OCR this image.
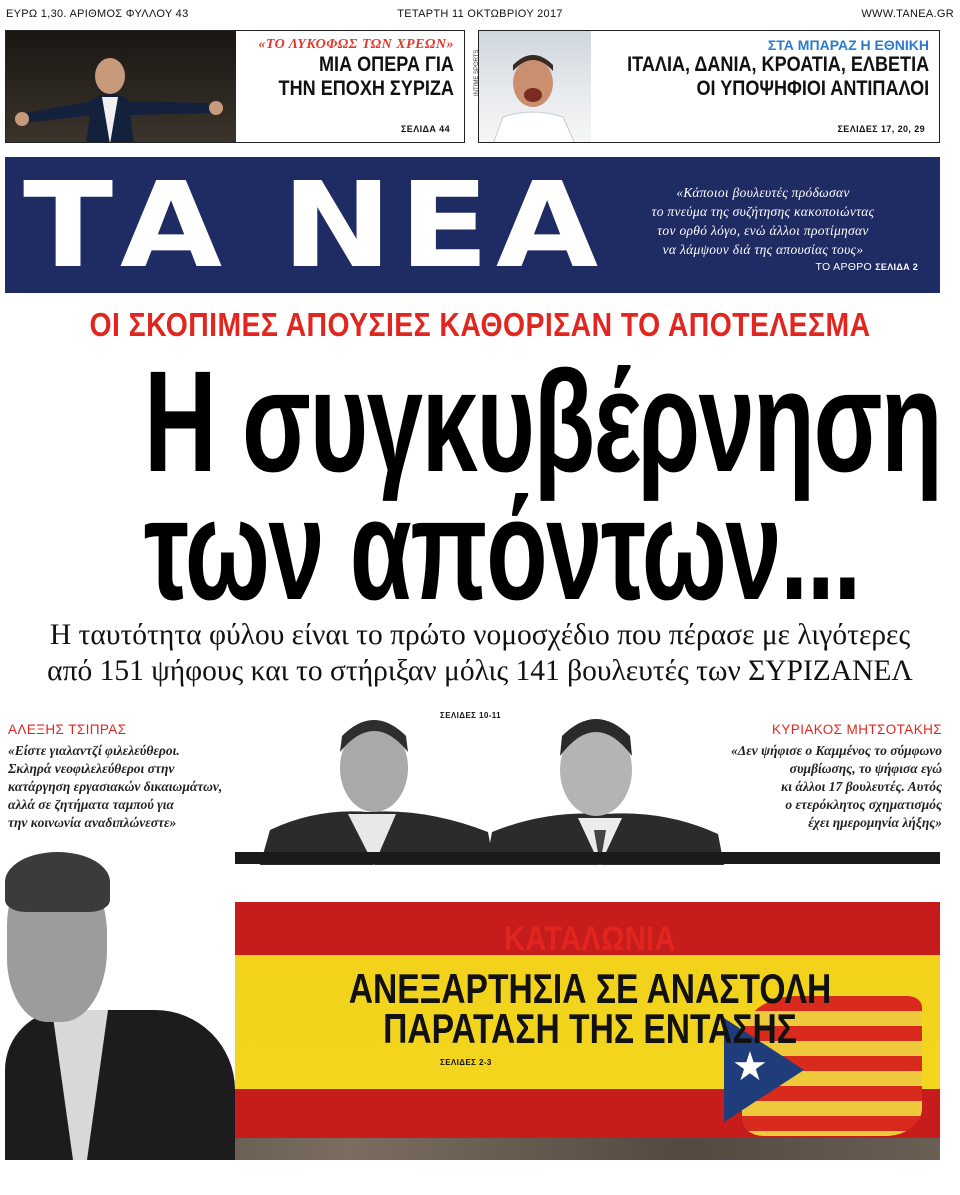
ΕΥΡΩ 1,30. ΑΡΙΘΜΟΣ ΦΥΛΛΟΥ 43	ΤΕΤΑΡΤΗ 11 ΟΚΤΩΒΡΙΟΥ 2017	WWW.TANEA.GR
«ΤΟ ΛΥΚΟΦΩΣ ΤΩΝ ΧΡΕΩΝ»
ΜΙΑ ΟΠΕΡΑ ΓΙΑ
ΤΗΝ ΕΠΟΧΗ ΣΥΡΙΖΑ
ΣΕΛΙΔΑ 44
ΣΤΑ ΜΠΑΡΑΖ Η ΕΘΝΙΚΗ
ΙΤΑΛΙΑ, ΔΑΝΙΑ, ΚΡΟΑΤΙΑ, ΕΛΒΕΤΙΑ
ΟΙ ΥΠΟΨΗΦΙΟΙ ΑΝΤΙΠΑΛΟΙ
ΣΕΛΙΔΕΣ 17, 20, 29
INTIME SPORTS
ΤΑ ΝΕΑ	«Κάποιοι βουλευτές πρόδωσαν
το πνεύμα της συζήτησης κακοποιώντας
τον ορθό λόγο, ενώ άλλοι προτίμησαν
να λάμψουν διά της απουσίας τους»
ΤΟ ΑΡΘΡΟ ΣΕΛΙΔΑ 2
ΟΙ ΣΚΟΠΙΜΕΣ ΑΠΟΥΣΙΕΣ ΚΑΘΟΡΙΣΑΝ ΤΟ ΑΠΟΤΕΛΕΣΜΑ
Η συγκυβέρνηση
των απόντων...
Η ταυτότητα φύλου είναι το πρώτο νομοσχέδιο που πέρασε με λιγότερες
από 151 ψήφους και το στήριξαν μόλις 141 βουλευτές των ΣΥΡΙΖΑΝΕΛ
ΣΕΛΙΔΕΣ 10-11
ΑΛΕΞΗΣ ΤΣΙΠΡΑΣ
«Είστε γιαλαντζί φιλελεύθεροι.
Σκληρά νεοφιλελεύθεροι στην
κατάργηση εργασιακών δικαιωμάτων,
αλλά σε ζητήματα ταμπού για
την κοινωνία αναδιπλώνεστε»
ΚΥΡΙΑΚΟΣ ΜΗΤΣΟΤΑΚΗΣ
«Δεν ψήφισε ο Καμμένος το σύμφωνο
συμβίωσης, το ψήφισα εγώ
κι άλλοι 17 βουλευτές. Αυτός
ο ετερόκλητος σχηματισμός
έχει ημερομηνία λήξης»
★
ΚΑΤΑΛΩΝΙΑ
ΑΝΕΞΑΡΤΗΣΙΑ ΣΕ ΑΝΑΣΤΟΛΗ
ΠΑΡΑΤΑΣΗ ΤΗΣ ΕΝΤΑΣΗΣ
ΣΕΛΙΔΕΣ 2-3
